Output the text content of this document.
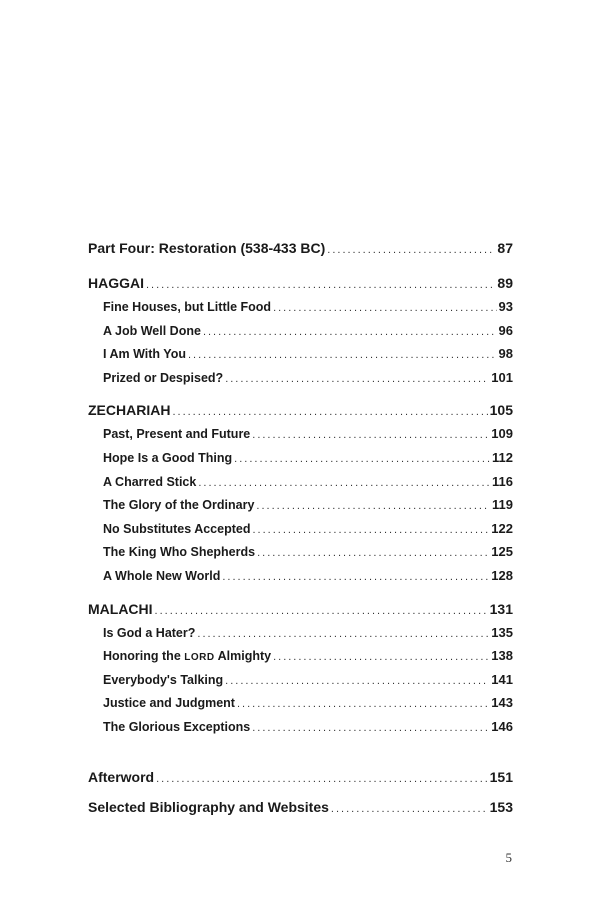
Part Four: Restoration (538-433 BC) .....	87
HAGGAI .....	89
Fine Houses, but Little Food .....	93
A Job Well Done .....	96
I Am With You .....	98
Prized or Despised? .....	101
ZECHARIAH .....	105
Past, Present and Future .....	109
Hope Is a Good Thing .....	112
A Charred Stick .....	116
The Glory of the Ordinary .....	119
No Substitutes Accepted .....	122
The King Who Shepherds .....	125
A Whole New World .....	128
MALACHI .....	131
Is God a Hater? .....	135
Honoring the LORD Almighty .....	138
Everybody's Talking .....	141
Justice and Judgment .....	143
The Glorious Exceptions .....	146
Afterword .....	151
Selected Bibliography and Websites .....	153
5
